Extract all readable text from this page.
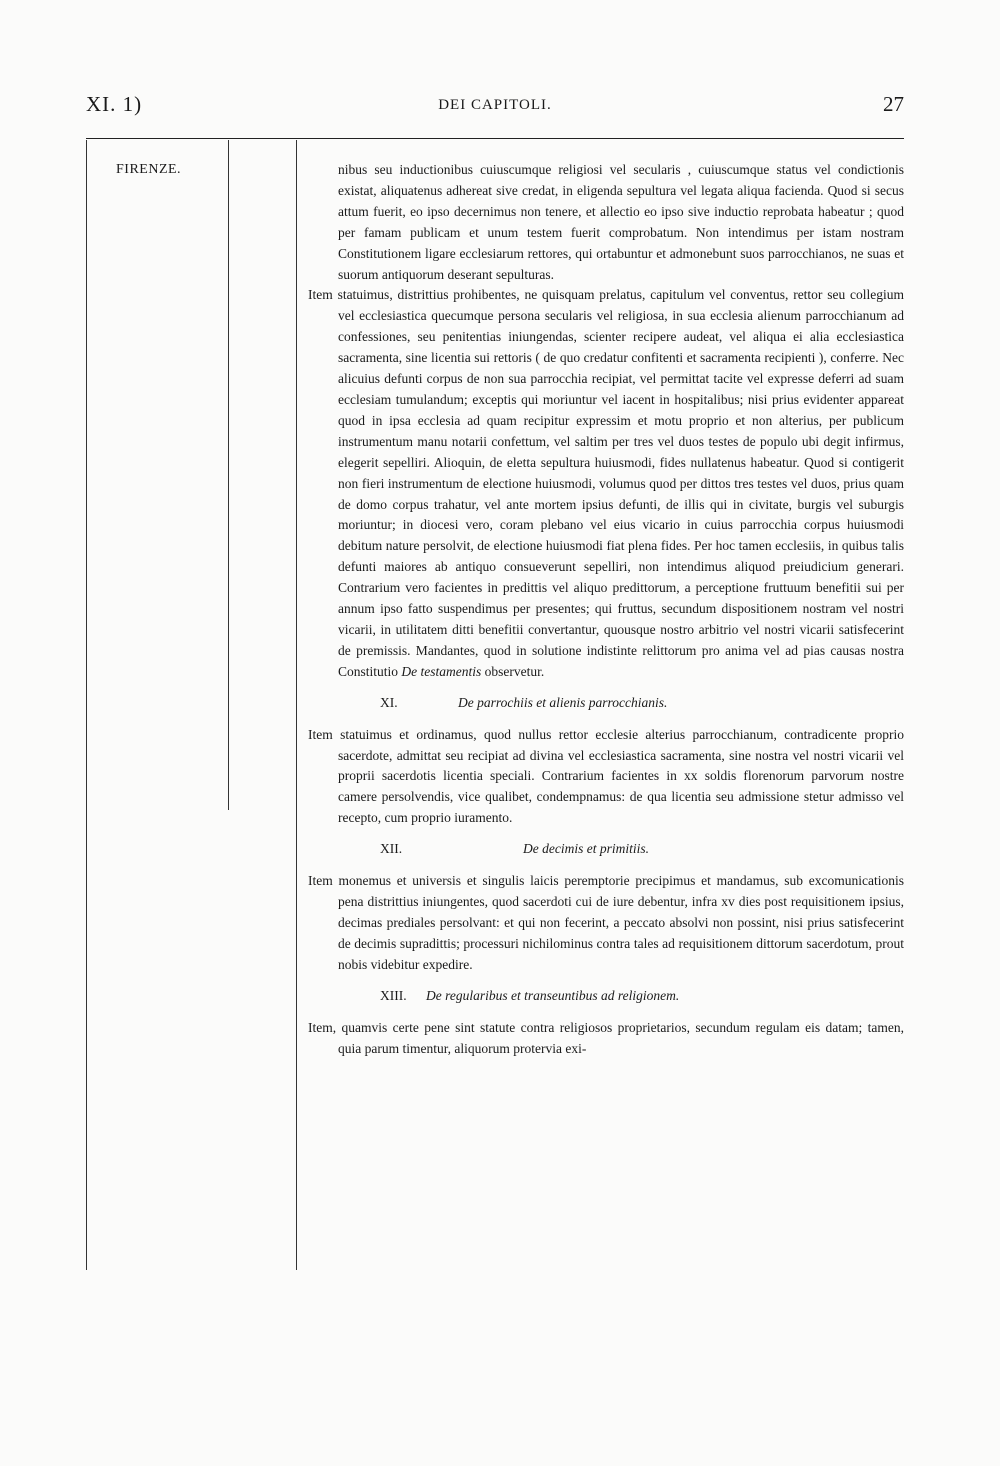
XI. 1)	DEI CAPITOLI.	27
FIRENZE.	nibus seu inductionibus cuiuscumque religiosi vel secularis , cuiuscumque status vel condictionis existat, aliquatenus adhereat sive credat, in eligenda sepultura vel legata aliqua facienda. Quod si secus attum fuerit, eo ipso decernimus non tenere, et allectio eo ipso sive inductio reprobata habeatur ; quod per famam publicam et unum testem fuerit comprobatum. Non intendimus per istam nostram Constitutionem ligare ecclesiarum rettores, qui ortabuntur et admonebunt suos parrocchianos, ne suas et suorum antiquorum deserant sepulturas.

Item statuimus, distrittius prohibentes, ne quisquam prelatus, capitulum vel conventus, rettor seu collegium vel ecclesiastica quecumque persona secularis vel religiosa, in sua ecclesia alienum parrocchianum ad confessiones, seu penitentias iniungendas, scienter recipere audeat, vel aliqua ei alia ecclesiastica sacramenta, sine licentia sui rettoris ( de quo credatur confitenti et sacramenta recipienti ), conferre. Nec alicuius defunti corpus de non sua parrocchia recipiat, vel permittat tacite vel expresse deferri ad suam ecclesiam tumulandum; exceptis qui moriuntur vel iacent in hospitalibus; nisi prius evidenter appareat quod in ipsa ecclesia ad quam recipitur expressim et motu proprio et non alterius, per publicum instrumentum manu notarii confettum, vel saltim per tres vel duos testes de populo ubi degit infirmus, elegerit sepelliri. Alioquin, de eletta sepultura huiusmodi, fides nullatenus habeatur. Quod si contigerit non fieri instrumentum de electione huiusmodi, volumus quod per dittos tres testes vel duos, prius quam de domo corpus trahatur, vel ante mortem ipsius defunti, de illis qui in civitate, burgis vel suburgis moriuntur; in diocesi vero, coram plebano vel eius vicario in cuius parrocchia corpus huiusmodi debitum nature persolvit, de electione huiusmodi fiat plena fides. Per hoc tamen ecclesiis, in quibus talis defunti maiores ab antiquo consueverunt sepelliri, non intendimus aliquod preiudicium generari. Contrarium vero facientes in predittis vel aliquo predittorum, a perceptione fruttuum benefitii sui per annum ipso fatto suspendimus per presentes; qui fruttus, secundum dispositionem nostram vel nostri vicarii, in utilitatem ditti benefitii convertantur, quousque nostro arbitrio vel nostri vicarii satisfecerint de premissis. Mandantes, quod in solutione indistinte relittorum pro anima vel ad pias causas nostra Constitutio De testamentis observetur.

XI.	De parrochiis et alienis parrocchianis.

Item statuimus et ordinamus, quod nullus rettor ecclesie alterius parrocchianum, contradicente proprio sacerdote, admittat seu recipiat ad divina vel ecclesiastica sacramenta, sine nostra vel nostri vicarii vel proprii sacerdotis licentia speciali. Contrarium facientes in xx soldis florenorum parvorum nostre camere persolvendis, vice qualibet, condempnamus: de qua licentia seu admissione stetur admisso vel recepto, cum proprio iuramento.

XII.	De decimis et primitiis.

Item monemus et universis et singulis laicis peremptorie precipimus et mandamus, sub excomunicationis pena distrittius iniungentes, quod sacerdoti cui de iure debentur, infra xv dies post requisitionem ipsius, decimas prediales persolvant: et qui non fecerint, a peccato absolvi non possint, nisi prius satisfecerint de decimis supradittis; processuri nichilominus contra tales ad requisitionem dittorum sacerdotum, prout nobis videbitur expedire.

XIII. De regularibus et transeuntibus ad religionem.

Item, quamvis certe pene sint statute contra religiosos proprietarios, secundum regulam eis datam; tamen, quia parum timentur, aliquorum protervia exi-
